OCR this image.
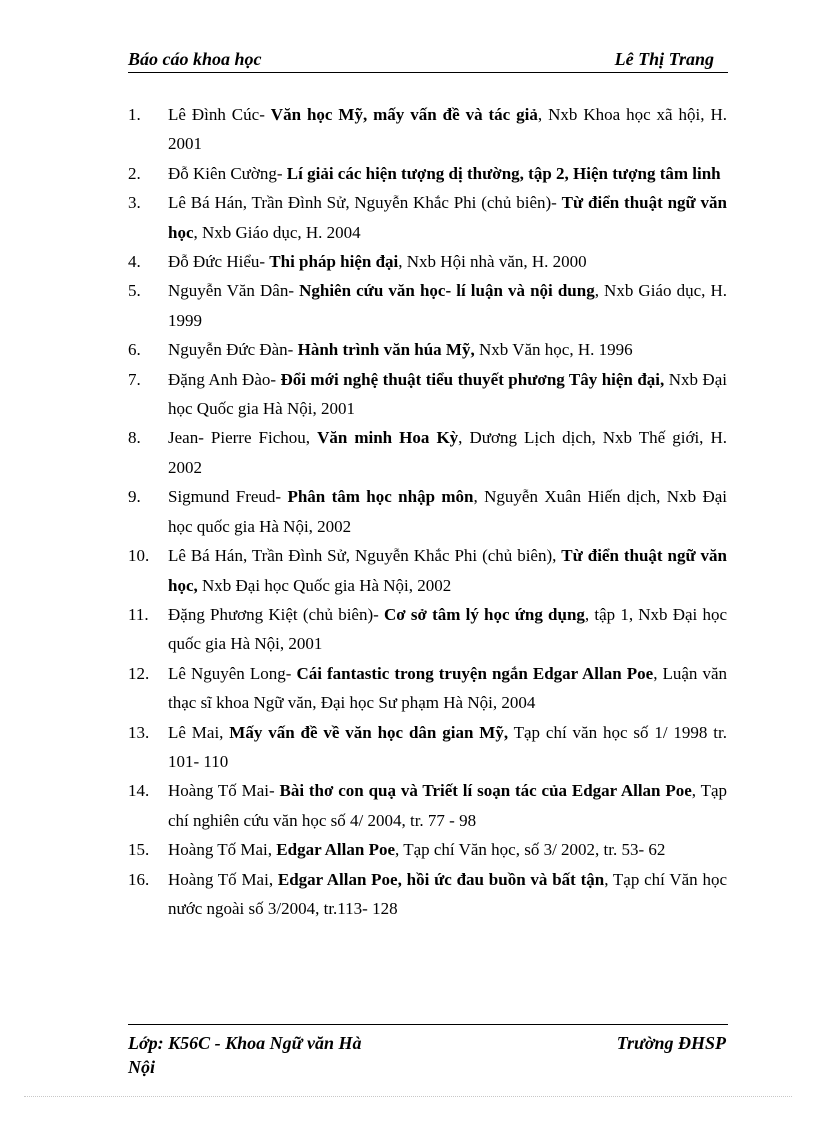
Báo cáo khoa học	Lê Thị Trang
1. Lê Đình Cúc- Văn học Mỹ, mấy vấn đề và tác giả, Nxb Khoa học xã hội, H. 2001
2. Đỗ Kiên Cường- Lí giải các hiện tượng dị thường, tập 2, Hiện tượng tâm linh
3. Lê Bá Hán, Trần Đình Sử, Nguyễn Khắc Phi (chủ biên)- Từ điển thuật ngữ văn học, Nxb Giáo dục, H. 2004
4. Đỗ Đức Hiểu- Thi pháp hiện đại, Nxb Hội nhà văn, H. 2000
5. Nguyễn Văn Dân- Nghiên cứu văn học- lí luận và nội dung, Nxb Giáo dục, H. 1999
6. Nguyễn Đức Đàn- Hành trình văn húa Mỹ, Nxb Văn học, H. 1996
7. Đặng Anh Đào- Đổi mới nghệ thuật tiểu thuyết phương Tây hiện đại, Nxb Đại học Quốc gia Hà Nội, 2001
8. Jean- Pierre Fichou, Văn minh Hoa Kỳ, Dương Lịch dịch, Nxb Thế giới, H. 2002
9. Sigmund Freud- Phân tâm học nhập môn, Nguyễn Xuân Hiến dịch, Nxb Đại học quốc gia Hà Nội, 2002
10. Lê Bá Hán, Trần Đình Sử, Nguyễn Khắc Phi (chủ biên), Từ điển thuật ngữ văn học, Nxb Đại học Quốc gia Hà Nội, 2002
11. Đặng Phương Kiệt (chủ biên)- Cơ sở tâm lý học ứng dụng, tập 1, Nxb Đại học quốc gia Hà Nội, 2001
12. Lê Nguyên Long- Cái fantastic trong truyện ngắn Edgar Allan Poe, Luận văn thạc sĩ khoa Ngữ văn, Đại học Sư phạm Hà Nội, 2004
13. Lê Mai, Mấy vấn đề về văn học dân gian Mỹ, Tạp chí văn học số 1/ 1998 tr. 101- 110
14. Hoàng Tố Mai- Bài thơ con quạ và Triết lí soạn tác của Edgar Allan Poe, Tạp chí nghiên cứu văn học số 4/ 2004, tr. 77 - 98
15. Hoàng Tố Mai, Edgar Allan Poe, Tạp chí Văn học, số 3/ 2002, tr. 53- 62
16. Hoàng Tố Mai, Edgar Allan Poe, hồi ức đau buồn và bất tận, Tạp chí Văn học nước ngoài số 3/2004, tr.113- 128
Lớp: K56C - Khoa Ngữ văn Hà Nội
Trường ĐHSP
